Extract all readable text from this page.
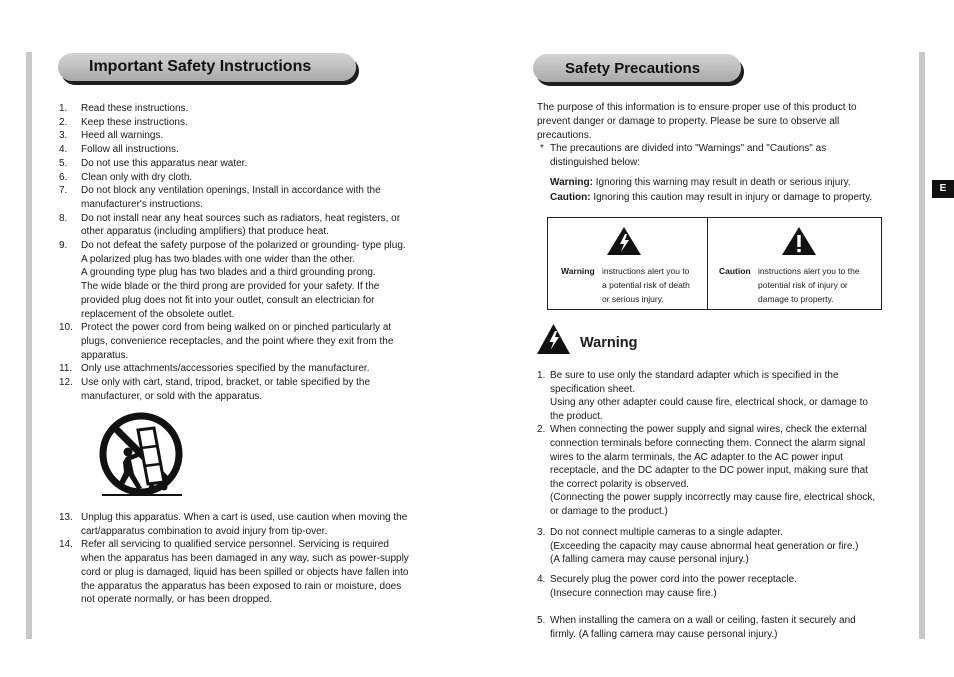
E
Important Safety Instructions
1. Read these instructions.
2. Keep these instructions.
3. Heed all warnings.
4. Follow all instructions.
5. Do not use this apparatus near water.
6. Clean only with dry cloth.
7. Do not block any ventilation openings, Install in accordance with the
manufacturer's instructions.
8. Do not install near any heat sources such as radiators, heat registers, or
other apparatus (including amplifiers) that produce heat.
9. Do not defeat the safety purpose of the polarized or grounding- type plug.
A polarized plug has two blades with one wider than the other.
A grounding type plug has two blades and a third grounding prong.
The wide blade or the third prong are provided for your safety. If the
provided plug does not fit into your outlet, consult an electrician for
replacement of the obsolete outlet.
10. Protect the power cord from being walked on or pinched particularly at
plugs, convenience receptacles, and the point where they exit from the
apparatus.
11. Only use attachments/accessories specified by the manufacturer.
12. Use only with cart, stand, tripod, bracket, or table specified by the
manufacturer, or sold with the apparatus.
13. Unplug this apparatus. When a cart is used, use caution when moving the
cart/apparatus combination to avoid injury from tip-over.
14. Refer all servicing to qualified service personnel. Servicing is required
when the apparatus has been damaged in any way, such as power-supply
cord or plug is damaged, liquid has been spilled or objects have fallen into
the apparatus the apparatus has been exposed to rain or moisture, does
not operate normally, or has been dropped.
Safety Precautions
The purpose of this information is to ensure proper use of this product to
prevent danger or damage to property. Please be sure to observe all
precautions.
* The precautions are divided into "Warnings" and "Cautions" as
distinguished below:
Warning: Ignoring this warning may result in death or serious injury.
Caution: Ignoring this caution may result in injury or damage to property.
Warning instructions alert you to
a potential risk of death
or serious injury.
Caution instructions alert you to the
potential risk of injury or
damage to property.
Warning
1. Be sure to use only the standard adapter which is specified in the
specification sheet.
Using any other adapter could cause fire, electrical shock, or damage to
the product.
2. When connecting the power supply and signal wires, check the external
connection terminals before connecting them. Connect the alarm signal
wires to the alarm terminals, the AC adapter to the AC power input
receptacle, and the DC adapter to the DC power input, making sure that
the correct polarity is observed.
(Connecting the power supply incorrectly may cause fire, electrical shock,
or damage to the product.)
3. Do not connect multiple cameras to a single adapter.
(Exceeding the capacity may cause abnormal heat generation or fire.)
(A falling camera may cause personal injury.)
4. Securely plug the power cord into the power receptacle.
(Insecure connection may cause fire.)
5. When installing the camera on a wall or ceiling, fasten it securely and
firmly. (A falling camera may cause personal injury.)
